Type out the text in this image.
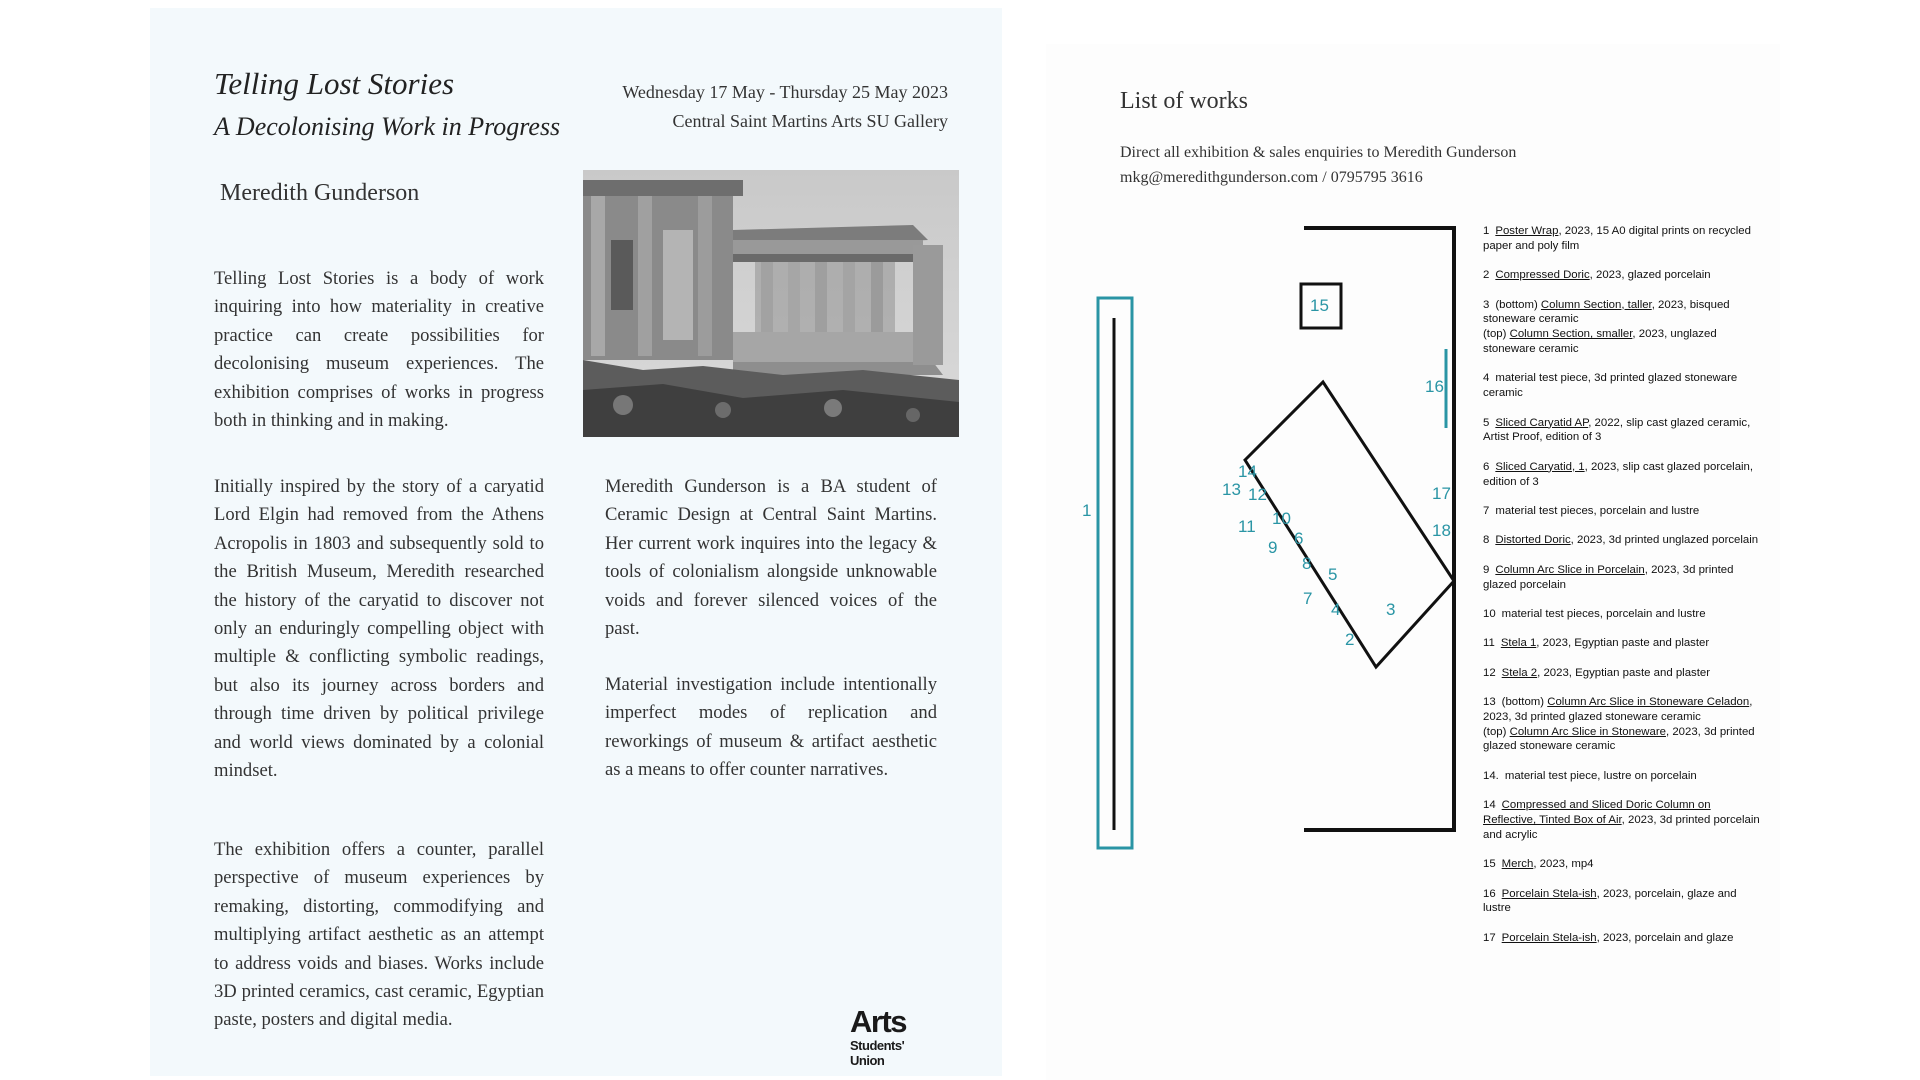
Telling Lost Stories
A Decolonising Work in Progress
Meredith Gunderson
Wednesday 17 May - Thursday 25 May 2023
Central Saint Martins Arts SU Gallery

Telling Lost Stories is a body of work inquiring into how materiality in creative practice can create possibilities for decolonising museum experiences. The exhibition comprises of works in progress both in thinking and in making.

Initially inspired by the story of a caryatid Lord Elgin had removed from the Athens Acropolis in 1803 and subsequently sold to the British Museum, Meredith researched the history of the caryatid to discover not only an enduringly compelling object with multiple & conflicting symbolic readings, but also its journey across borders and through time driven by political privilege and world views dominated by a colonial mindset.

The exhibition offers a counter, parallel perspective of museum experiences by remaking, distorting, commodifying and multiplying artifact aesthetic as an attempt to address voids and biases. Works include 3D printed ceramics, cast ceramic, Egyptian paste, posters and digital media.

Meredith Gunderson is a BA student of Ceramic Design at Central Saint Martins. Her current work inquires into the legacy & tools of colonialism alongside unknowable voids and forever silenced voices of the past.

Material investigation include intentionally imperfect modes of replication and reworkings of museum & artifact aesthetic as a means to offer counter narratives.

Arts
Students'
Union
List of works
Direct all exhibition & sales enquiries to Meredith Gunderson
mkg@meredithgunderson.com / 0795795 3616
1
2
3
4
5
6
7
8
9
10
11
12
13
14
15
16
17
18
1 Poster Wrap, 2023, 15 A0 digital prints on recycled paper and poly film
2 Compressed Doric, 2023, glazed porcelain
3 (bottom) Column Section, taller, 2023, bisqued stoneware ceramic
(top) Column Section, smaller, 2023, unglazed stoneware ceramic
4 material test piece, 3d printed glazed stoneware ceramic
5 Sliced Caryatid AP, 2022, slip cast glazed ceramic, Artist Proof, edition of 3
6 Sliced Caryatid, 1, 2023, slip cast glazed porcelain, edition of 3
7 material test pieces, porcelain and lustre
8 Distorted Doric, 2023, 3d printed unglazed porcelain
9 Column Arc Slice in Porcelain, 2023, 3d printed glazed porcelain
10 material test pieces, porcelain and lustre
11 Stela 1, 2023, Egyptian paste and plaster
12 Stela 2, 2023, Egyptian paste and plaster
13 (bottom) Column Arc Slice in Stoneware Celadon, 2023, 3d printed glazed stoneware ceramic
(top) Column Arc Slice in Stoneware, 2023, 3d printed glazed stoneware ceramic
14. material test piece, lustre on porcelain
14 Compressed and Sliced Doric Column on Reflective, Tinted Box of Air, 2023, 3d printed porcelain and acrylic
15 Merch, 2023, mp4
16 Porcelain Stela-ish, 2023, porcelain, glaze and lustre
17 Porcelain Stela-ish, 2023, porcelain and glaze
